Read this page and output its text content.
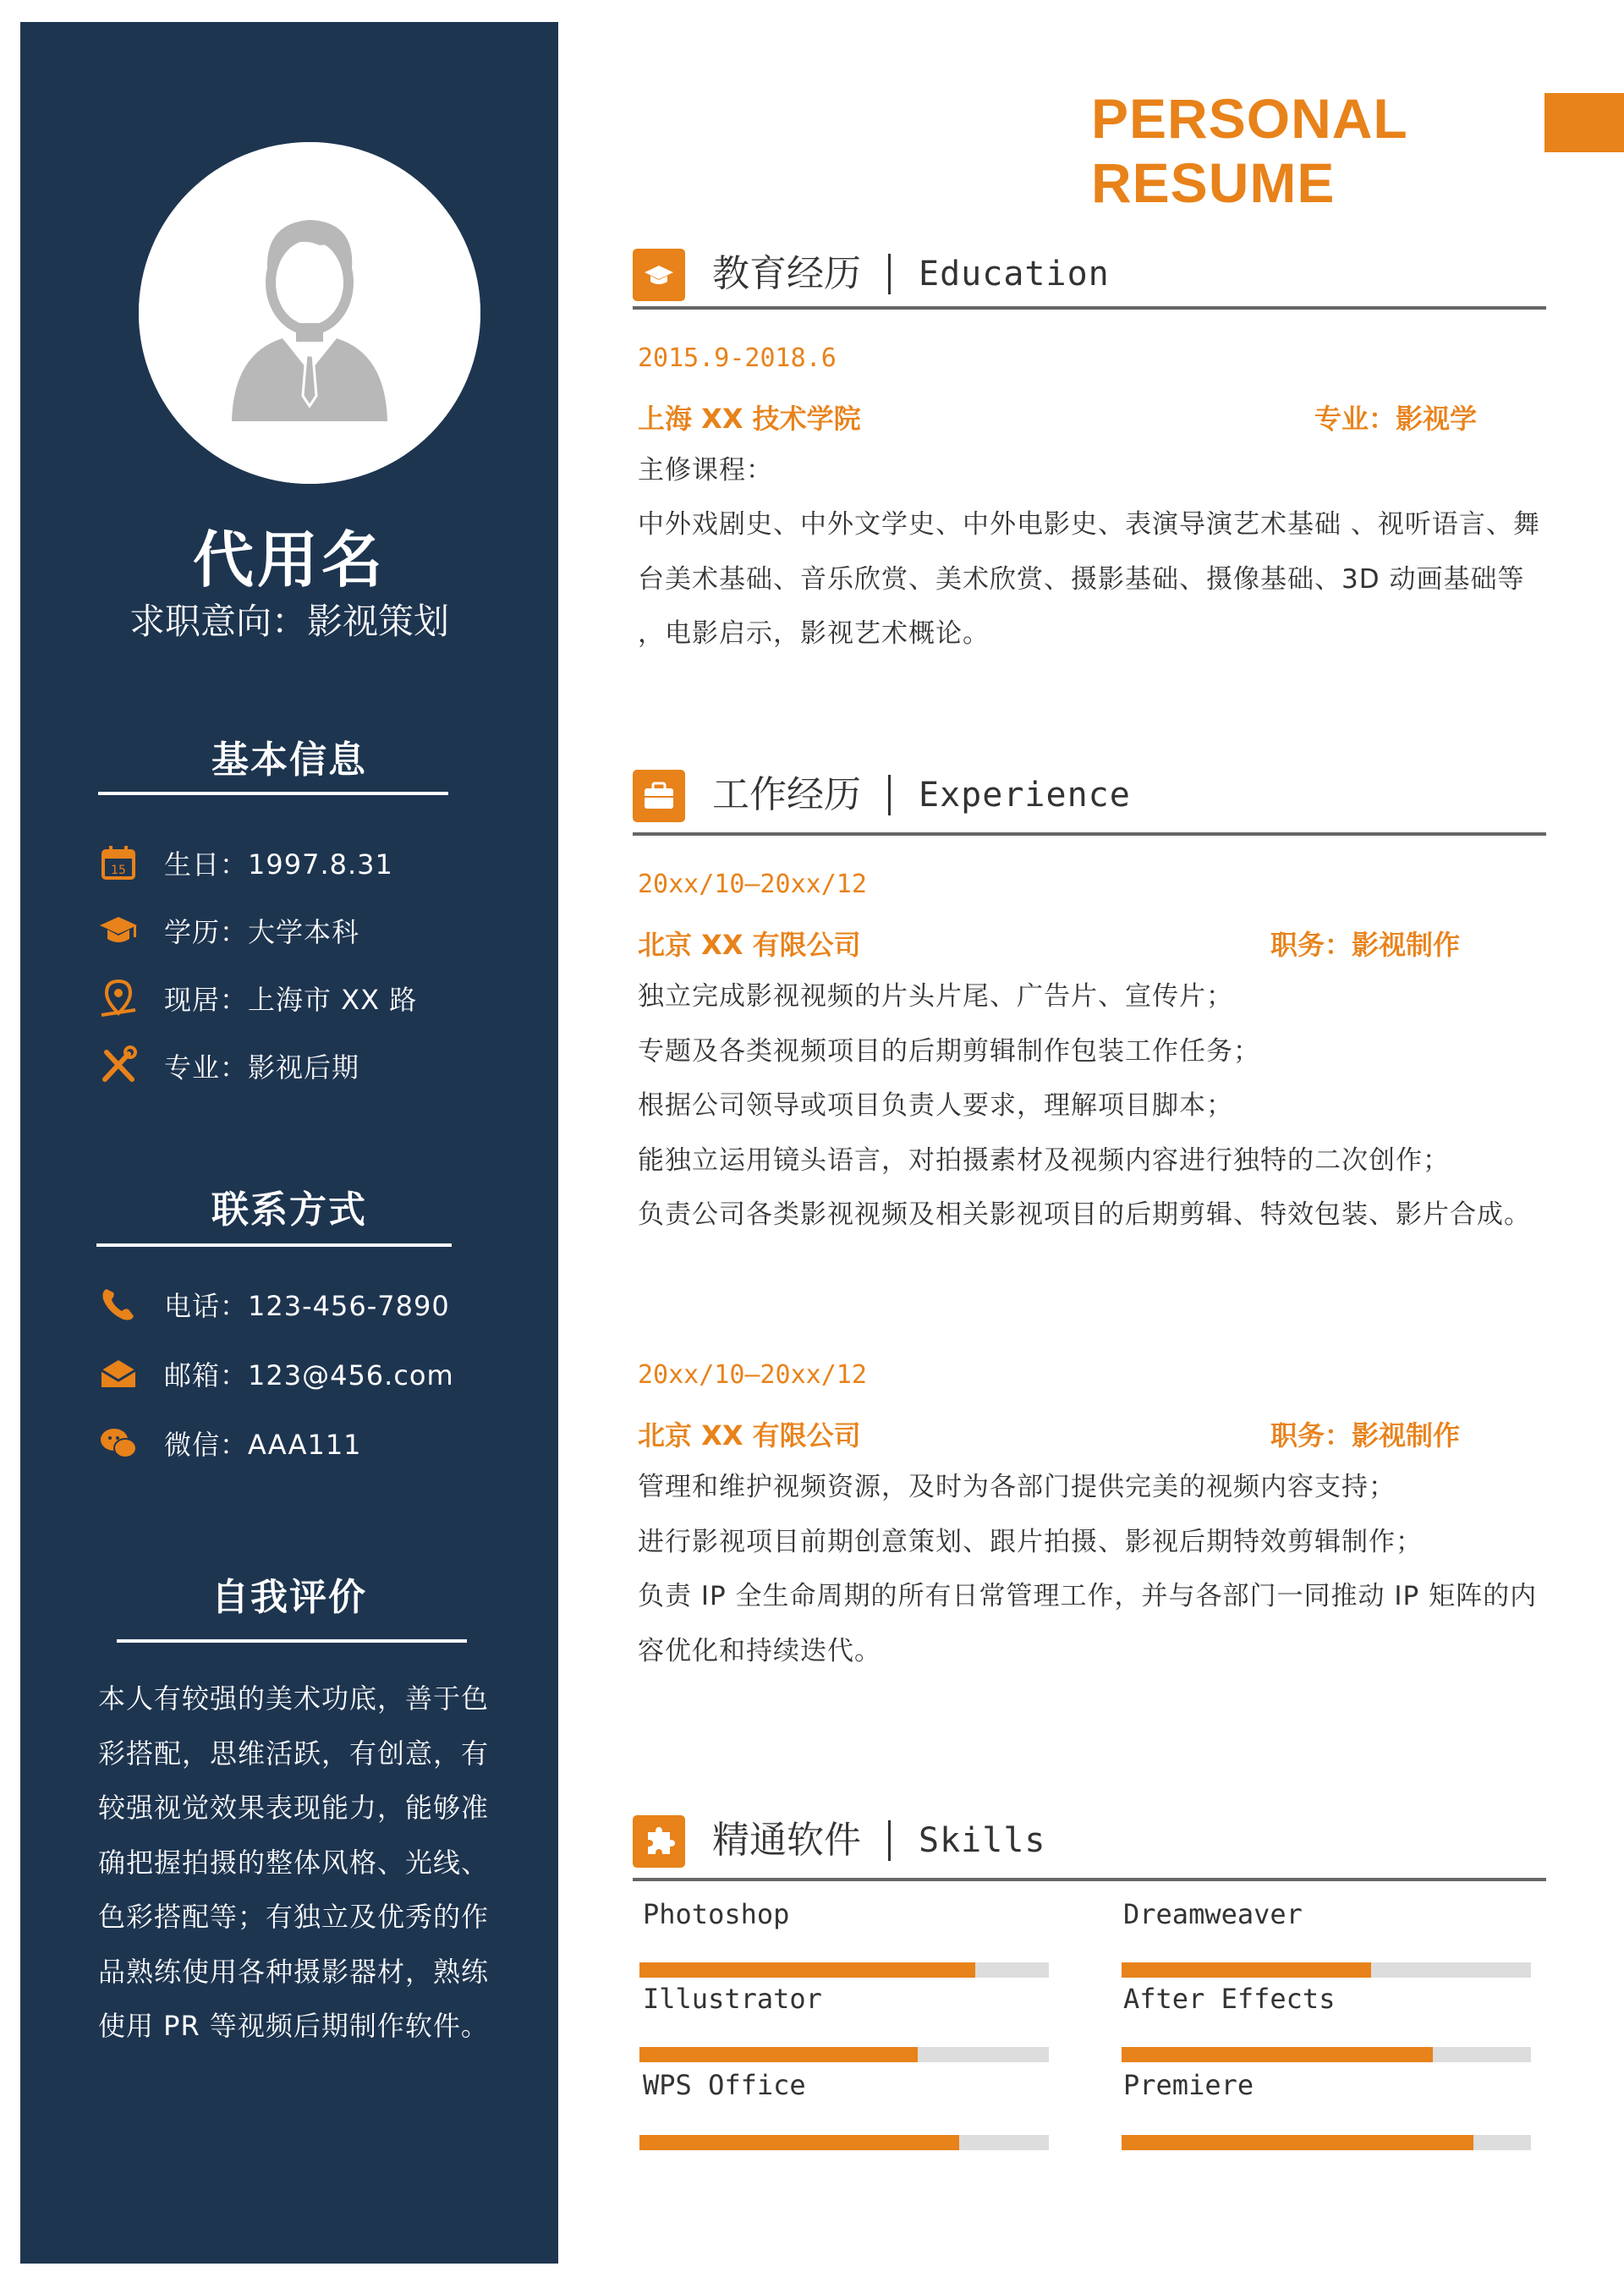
代用名
求职意向：影视策划
基本信息
15 生日：1997.8.31
学历：大学本科
现居：上海市 XX 路
专业：影视后期
联系方式
电话：123-456-7890
邮箱：123@456.com
微信：AAA111
自我评价
本人有较强的美术功底，善于色彩搭配，思维活跃，有创意，有较强视觉效果表现能力，能够准确把握拍摄的整体风格、光线、色彩搭配等；有独立及优秀的作品熟练使用各种摄影器材，熟练使用 PR 等视频后期制作软件。
PERSONAL RESUME
教育经历 Education
2015.9-2018.6
上海 XX 技术学院	专业：影视学
主修课程：
中外戏剧史、中外文学史、中外电影史、表演导演艺术基础 、视听语言、舞台美术基础、音乐欣赏、美术欣赏、摄影基础、摄像基础、3D 动画基础等 ，电影启示，影视艺术概论。
工作经历 Experience
20xx/10—20xx/12
北京 XX 有限公司	职务：影视制作
独立完成影视视频的片头片尾、广告片、宣传片；
专题及各类视频项目的后期剪辑制作包装工作任务；
根据公司领导或项目负责人要求，理解项目脚本；
能独立运用镜头语言，对拍摄素材及视频内容进行独特的二次创作；
负责公司各类影视视频及相关影视项目的后期剪辑、特效包装、影片合成。
20xx/10—20xx/12
北京 XX 有限公司	职务：影视制作
管理和维护视频资源，及时为各部门提供完美的视频内容支持；
进行影视项目前期创意策划、跟片拍摄、影视后期特效剪辑制作；
负责 IP 全生命周期的所有日常管理工作，并与各部门一同推动 IP 矩阵的内容优化和持续迭代。
精通软件 Skills
Photoshop	Dreamweaver
Illustrator	After Effects
WPS Office	Premiere
